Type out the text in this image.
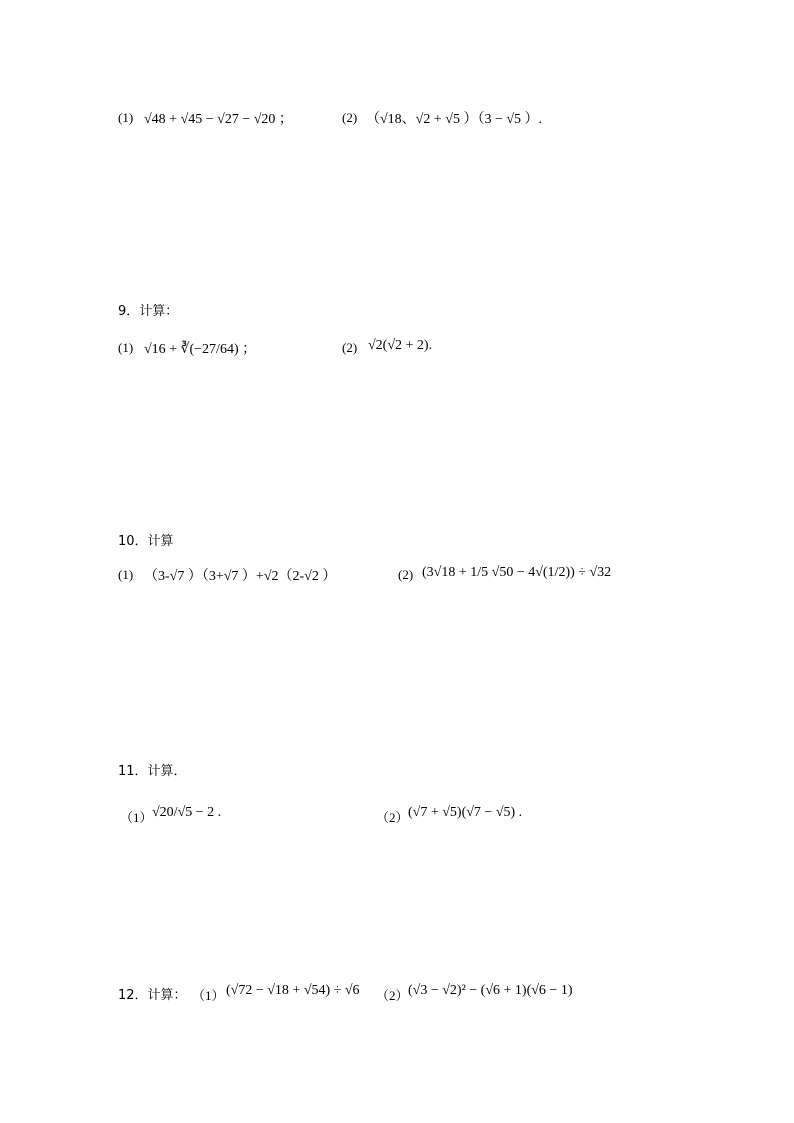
(1) √48 + √45 − √27 − √20 ；	(2) （√18、√2 + √5 ）（3 − √5 ）.
9．计算：
(1) √16 + ∛(−27/64) ；	(2) √2(√2 + 2).
10．计算
(1) （3-√7 ）（3+√7 ）+√2（2-√2 ）	(2) (3√18 + 1/5 √50 − 4√(1/2)) ÷ √32
11．计算．
（1） √20/√5 − 2 .	（2） (√7 + √5)(√7 − √5) .
12．计算： （1） (√72 − √18 + √54) ÷ √6 （2） (√3 − √2)² − (√6 + 1)(√6 − 1)
